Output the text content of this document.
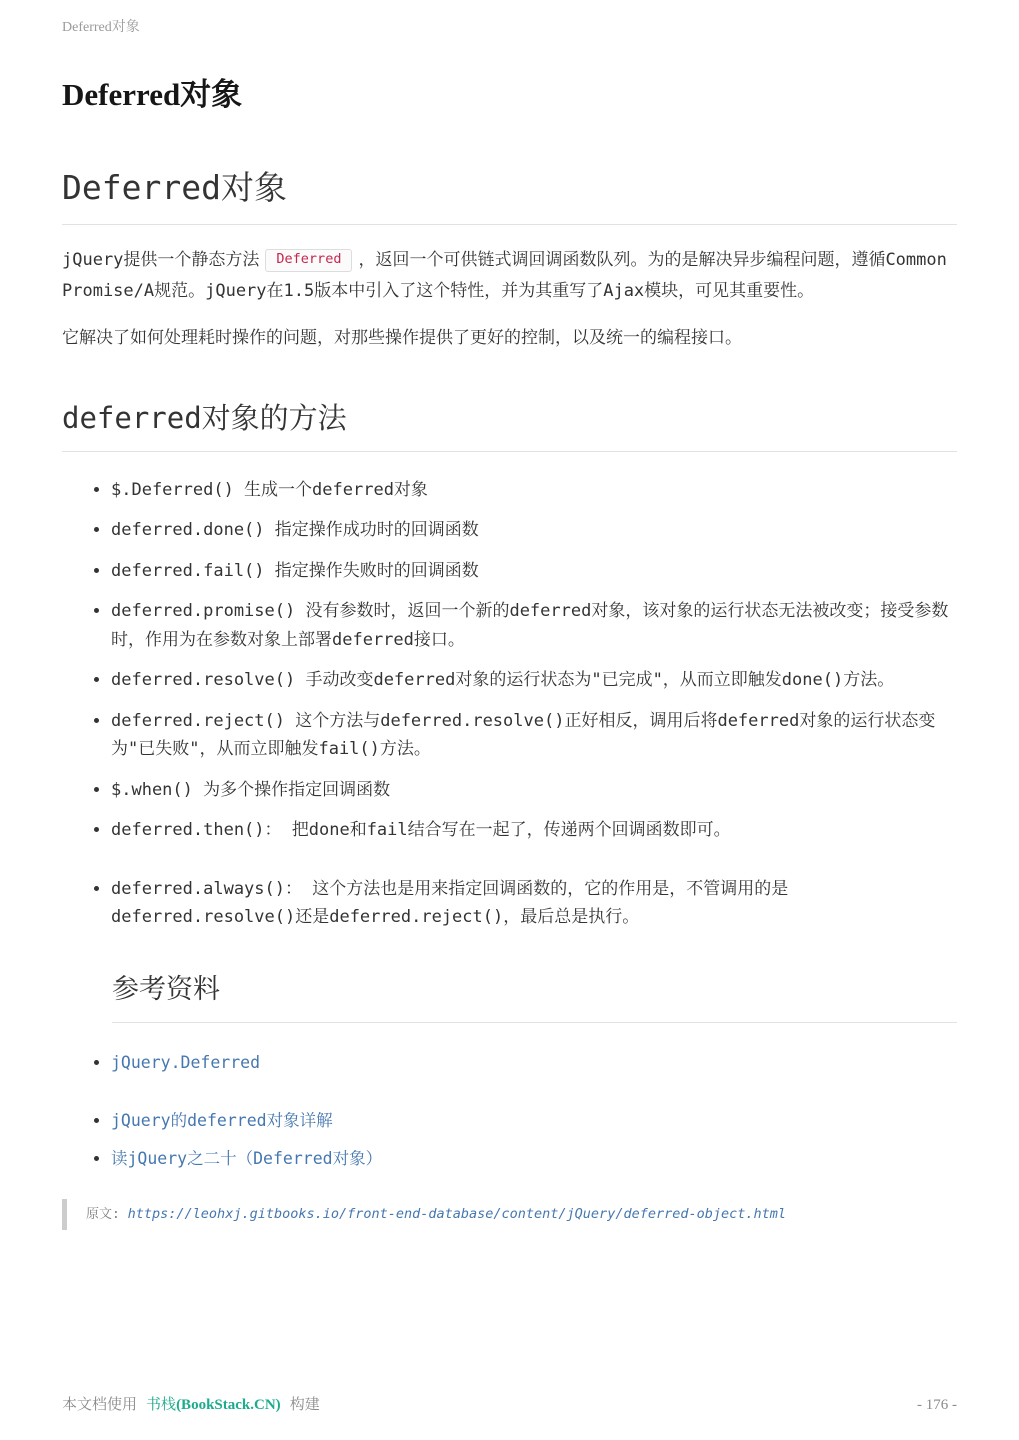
Deferred对象
Deferred对象
Deferred对象

jQuery提供一个静态方法 Deferred ，返回一个可供链式调回调函数队列。为的是解决异步编程问题，遵循Common Promise/A规范。jQuery在1.5版本中引入了这个特性，并为其重写了Ajax模块，可见其重要性。

它解决了如何处理耗时操作的问题，对那些操作提供了更好的控制，以及统一的编程接口。

deferred对象的方法
• $.Deferred() 生成一个deferred对象
• deferred.done() 指定操作成功时的回调函数
• deferred.fail() 指定操作失败时的回调函数
• deferred.promise() 没有参数时，返回一个新的deferred对象，该对象的运行状态无法被改变；接受参数时，作用为在参数对象上部署deferred接口。
• deferred.resolve() 手动改变deferred对象的运行状态为"已完成"，从而立即触发done()方法。
• deferred.reject() 这个方法与deferred.resolve()正好相反，调用后将deferred对象的运行状态变为"已失败"，从而立即触发fail()方法。
• $.when() 为多个操作指定回调函数
• deferred.then()： 把done和fail结合写在一起了，传递两个回调函数即可。
• deferred.always()： 这个方法也是用来指定回调函数的，它的作用是，不管调用的是 deferred.resolve()还是deferred.reject()，最后总是执行。
参考资料
• jQuery.Deferred
• jQuery的deferred对象详解
• 读jQuery之二十（Deferred对象）
原文: https://leohxj.gitbooks.io/front-end-database/content/jQuery/deferred-object.html
本文档使用 书栈(BookStack.CN) 构建	- 176 -
